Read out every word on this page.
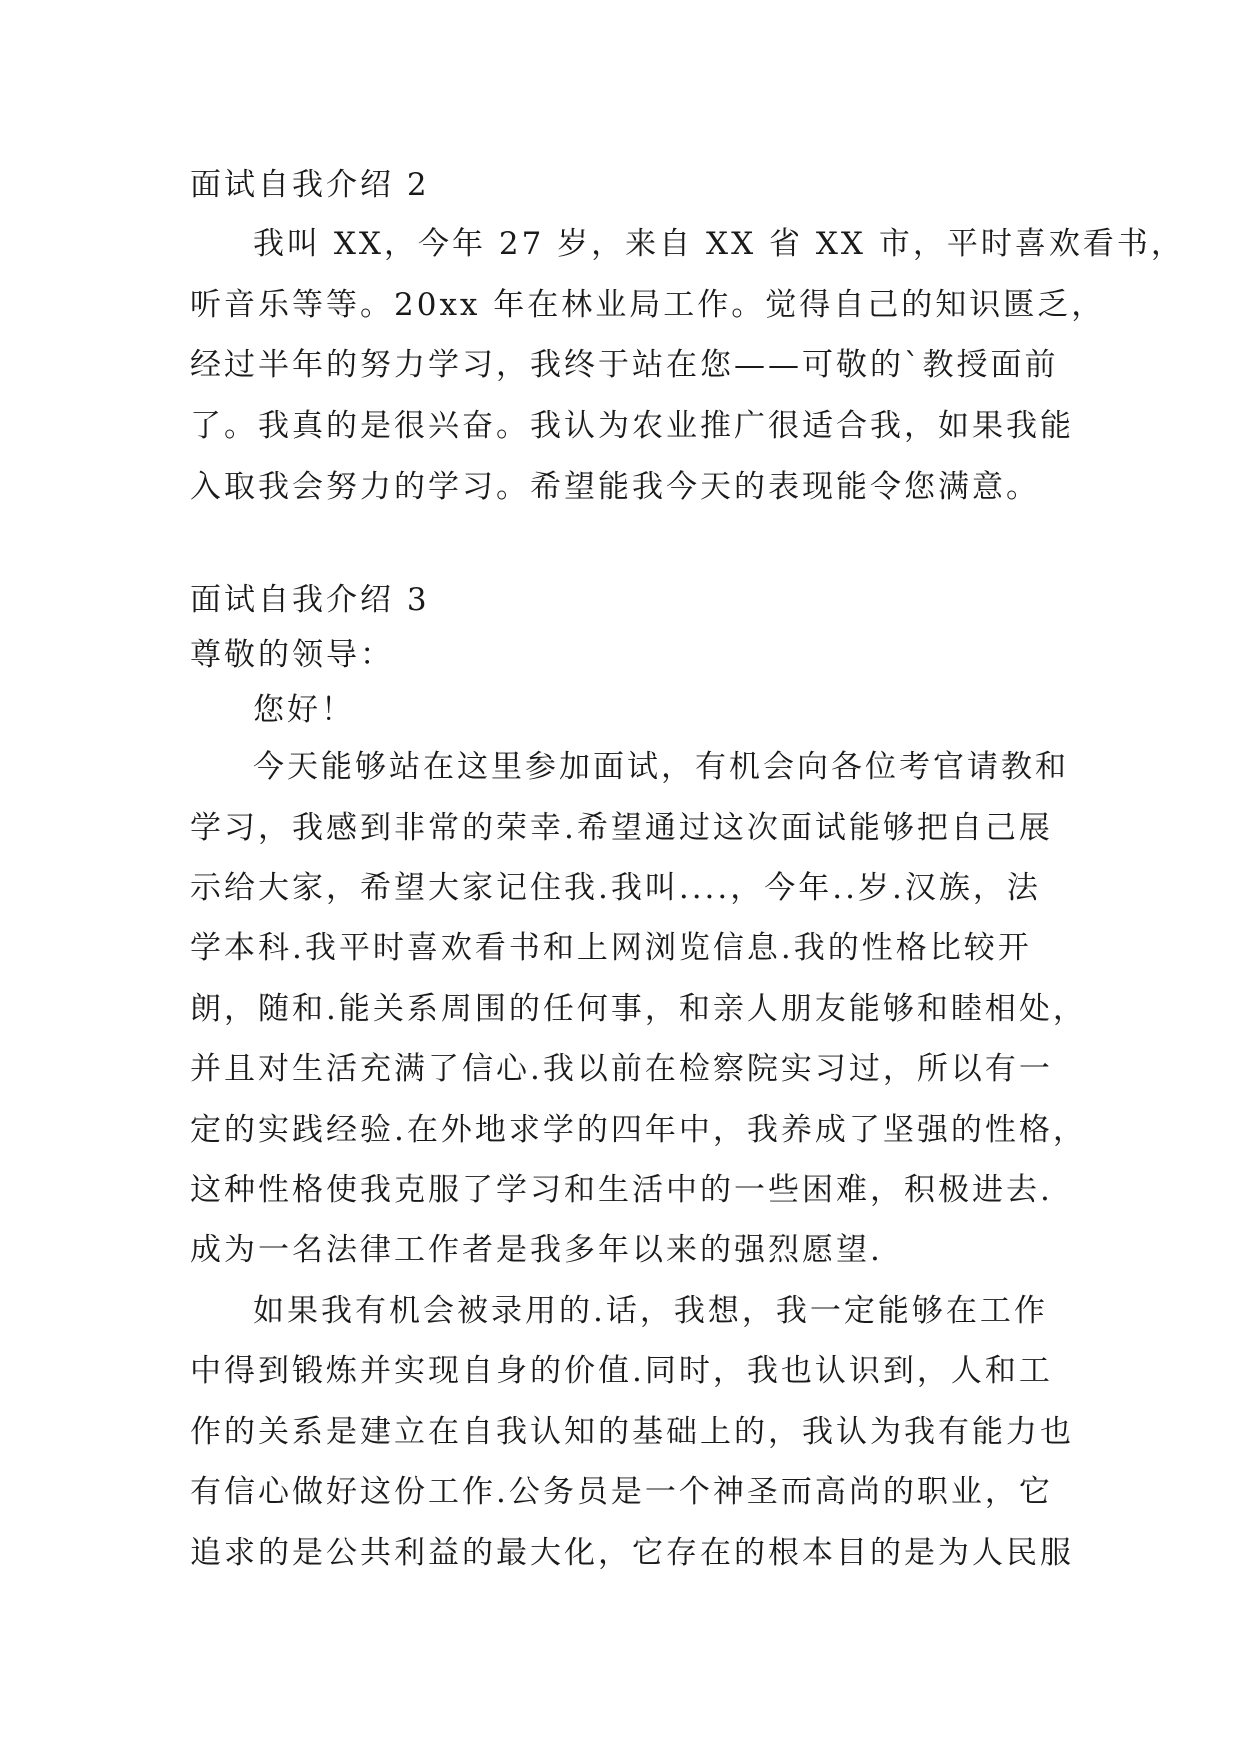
面试自我介绍 2

我叫 XX，今年 27 岁，来自 XX 省 XX 市，平时喜欢看书，

听音乐等等。20xx 年在林业局工作。觉得自己的知识匮乏，

经过半年的努力学习，我终于站在您——可敬的`教授面前

了。我真的是很兴奋。我认为农业推广很适合我，如果我能

入取我会努力的学习。希望能我今天的表现能令您满意。

面试自我介绍 3

尊敬的领导：

您好！

今天能够站在这里参加面试，有机会向各位考官请教和

学习，我感到非常的荣幸.希望通过这次面试能够把自己展

示给大家，希望大家记住我.我叫....，今年..岁.汉族，法

学本科.我平时喜欢看书和上网浏览信息.我的性格比较开

朗，随和.能关系周围的任何事，和亲人朋友能够和睦相处，

并且对生活充满了信心.我以前在检察院实习过，所以有一

定的实践经验.在外地求学的四年中，我养成了坚强的性格，

这种性格使我克服了学习和生活中的一些困难，积极进去.

成为一名法律工作者是我多年以来的强烈愿望.

如果我有机会被录用的.话，我想，我一定能够在工作

中得到锻炼并实现自身的价值.同时，我也认识到，人和工

作的关系是建立在自我认知的基础上的，我认为我有能力也

有信心做好这份工作.公务员是一个神圣而高尚的职业，它

追求的是公共利益的最大化，它存在的根本目的是为人民服
